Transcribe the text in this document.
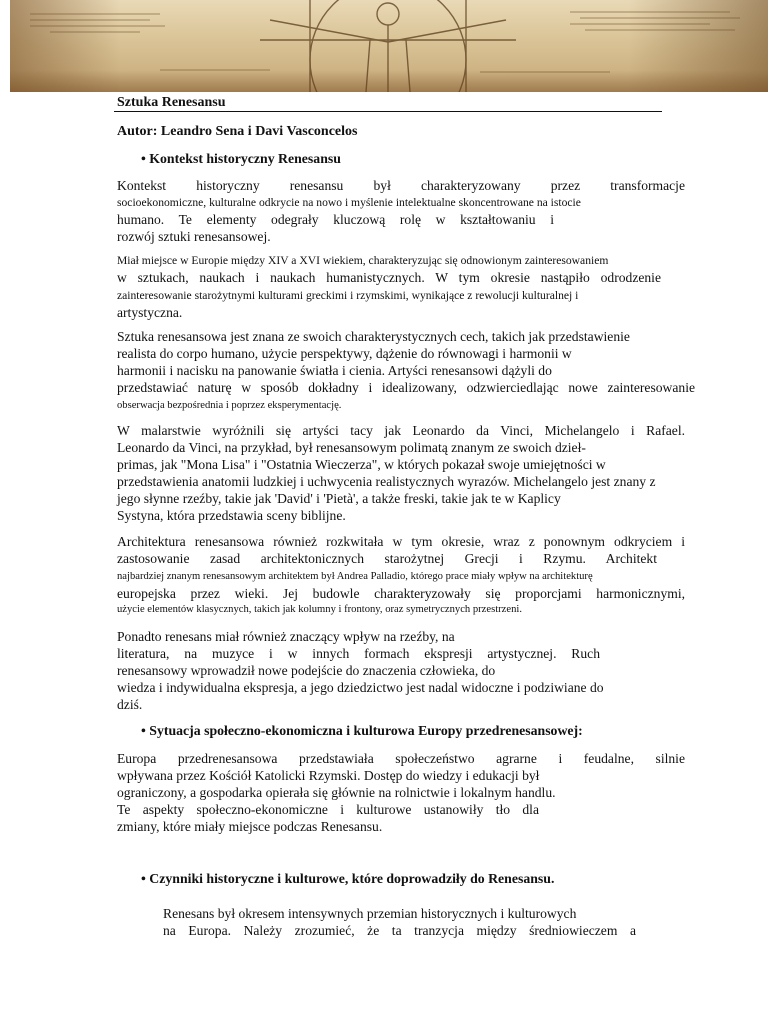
Sztuka Renesansu

Autor: Leandro Sena i Davi Vasconcelos

• Kontekst historyczny Renesansu

Kontekst historyczny renesansu był charakteryzowany przez transformacje

socioekonomiczne, kulturalne odkrycie na nowo i myślenie intelektualne skoncentrowane na istocie

humano. Te elementy odegrały kluczową rolę w kształtowaniu i

rozwój sztuki renesansowej.

Miał miejsce w Europie między XIV a XVI wiekiem, charakteryzując się odnowionym zainteresowaniem

w sztukach, naukach i naukach humanistycznych. W tym okresie nastąpiło odrodzenie

zainteresowanie starożytnymi kulturami greckimi i rzymskimi, wynikające z rewolucji kulturalnej i

artystyczna.

Sztuka renesansowa jest znana ze swoich charakterystycznych cech, takich jak przedstawienie

realista do corpo humano, użycie perspektywy, dążenie do równowagi i harmonii w

harmonii i nacisku na panowanie światła i cienia. Artyści renesansowi dążyli do

przedstawiać naturę w sposób dokładny i idealizowany, odzwierciedlając nowe zainteresowanie

obserwacja bezpośrednia i poprzez eksperymentację.

W malarstwie wyróżnili się artyści tacy jak Leonardo da Vinci, Michelangelo i Rafael.

Leonardo da Vinci, na przykład, był renesansowym polimatą znanym ze swoich dzieł-

primas, jak "Mona Lisa" i "Ostatnia Wieczerza", w których pokazał swoje umiejętności w

przedstawienia anatomii ludzkiej i uchwycenia realistycznych wyrazów. Michelangelo jest znany z

jego słynne rzeźby, takie jak 'David' i 'Pietà', a także freski, takie jak te w Kaplicy

Systyna, która przedstawia sceny biblijne.

Architektura renesansowa również rozkwitała w tym okresie, wraz z ponownym odkryciem i

zastosowanie zasad architektonicznych starożytnej Grecji i Rzymu. Architekt

najbardziej znanym renesansowym architektem był Andrea Palladio, którego prace miały wpływ na architekturę

europejska przez wieki. Jej budowle charakteryzowały się proporcjami harmonicznymi,

użycie elementów klasycznych, takich jak kolumny i frontony, oraz symetrycznych przestrzeni.

Ponadto renesans miał również znaczący wpływ na rzeźby, na

literatura, na muzyce i w innych formach ekspresji artystycznej. Ruch

renesansowy wprowadził nowe podejście do znaczenia człowieka, do

wiedza i indywidualna ekspresja, a jego dziedzictwo jest nadal widoczne i podziwiane do

dziś.

• Sytuacja społeczno-ekonomiczna i kulturowa Europy przedrenesansowej:

Europa przedrenesansowa przedstawiała społeczeństwo agrarne i feudalne, silnie

wpływana przez Kościół Katolicki Rzymski. Dostęp do wiedzy i edukacji był

ograniczony, a gospodarka opierała się głównie na rolnictwie i lokalnym handlu.

Te aspekty społeczno-ekonomiczne i kulturowe ustanowiły tło dla

zmiany, które miały miejsce podczas Renesansu.

• Czynniki historyczne i kulturowe, które doprowadziły do Renesansu.

Renesans był okresem intensywnych przemian historycznych i kulturowych

na Europa. Należy zrozumieć, że ta tranzycja między średniowieczem a
